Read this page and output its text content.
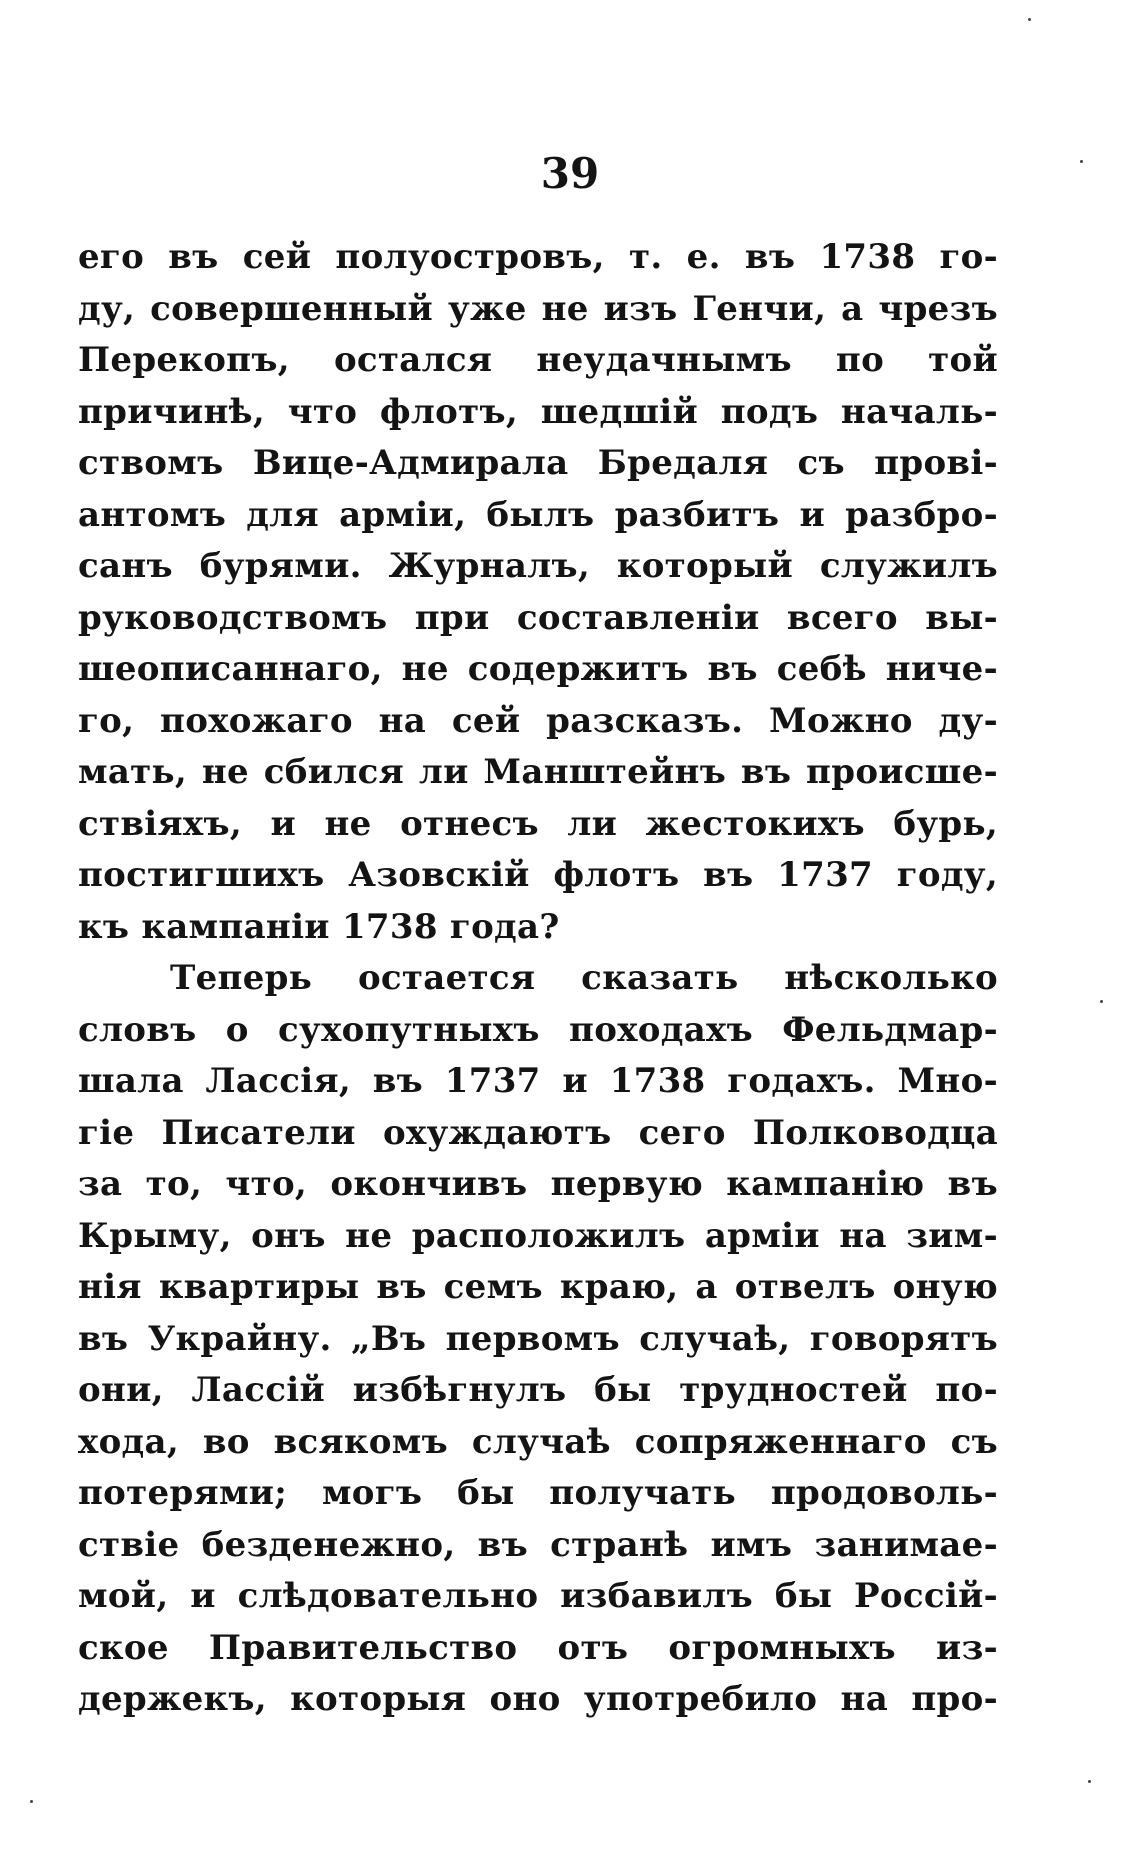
39
его въ сей полуостровъ, т. е. въ 1738 го-
ду, совершенный уже не изъ Генчи, а чрезъ
Перекопъ, остался неудачнымъ по той
причинѣ, что флотъ, шедшій подъ началь-
ствомъ Вице-Адмирала Бредаля съ прові-
антомъ для арміи, былъ разбитъ и разбро-
санъ бурями. Журналъ, который служилъ
руководствомъ при составленіи всего вы-
шеописаннаго, не содержитъ въ себѣ ниче-
го, похожаго на сей разсказъ. Можно ду-
мать, не сбился ли Манштейнъ въ происше-
ствіяхъ, и не отнесъ ли жестокихъ бурь,
постигшихъ Азовскій флотъ въ 1737 году,
къ кампаніи 1738 года?
Теперь остается сказать нѣсколько
словъ о сухопутныхъ походахъ Фельдмар-
шала Лассія, въ 1737 и 1738 годахъ. Мно-
гіе Писатели охуждаютъ сего Полководца
за то, что, окончивъ первую кампанію въ
Крыму, онъ не расположилъ арміи на зим-
нія квартиры въ семъ краю, а отвелъ оную
въ Украйну. „Въ первомъ случаѣ, говорятъ
они, Лассій избѣгнулъ бы трудностей по-
хода, во всякомъ случаѣ сопряженнаго съ
потерями; могъ бы получать продоволь-
ствіе безденежно, въ странѣ имъ занимае-
мой, и слѣдовательно избавилъ бы Россій-
ское Правительство отъ огромныхъ из-
держекъ, которыя оно употребило на про-
